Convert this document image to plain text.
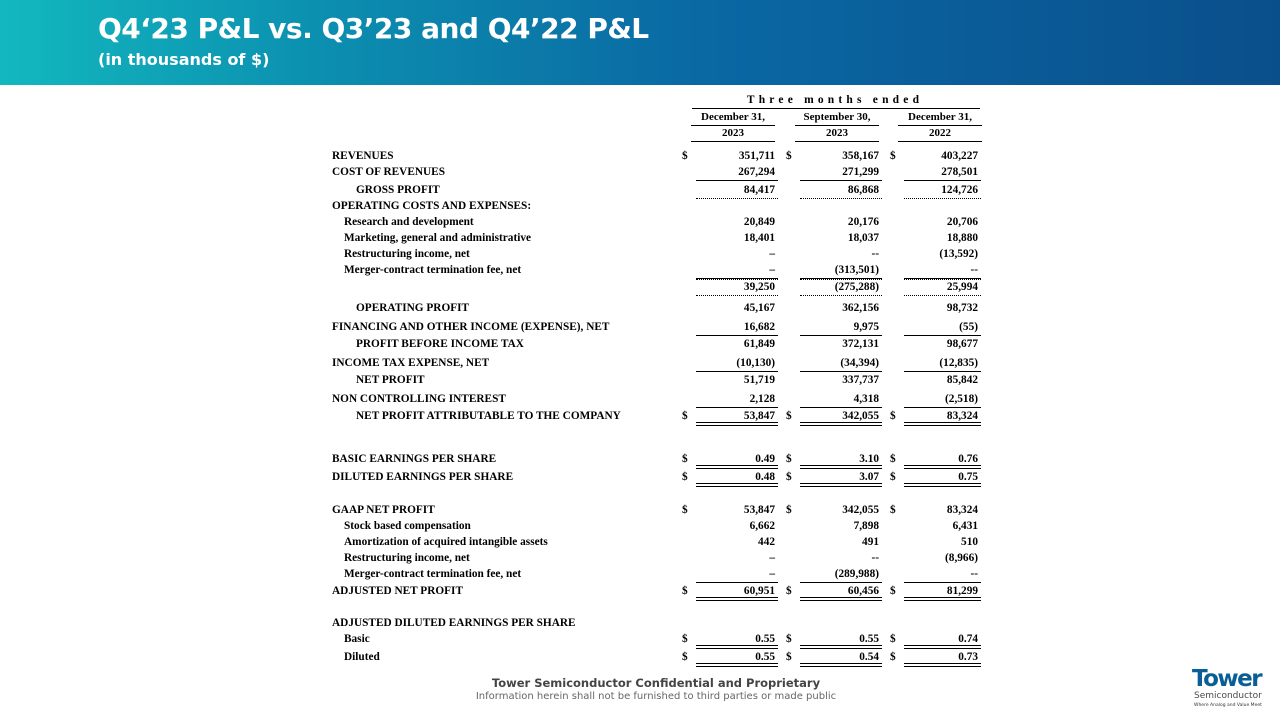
Q4‘23 P&L vs. Q3’23 and Q4’22 P&L
(in thousands of $)
Three months ended
December 31,
2023
September 30,
2023
December 31,
2022
REVENUES	$	351,711 $	358,167 $	403,227
COST OF REVENUES	267,294	271,299	278,501
GROSS PROFIT	84,417	86,868	124,726
OPERATING COSTS AND EXPENSES:
Research and development	20,849	20,176	20,706
Marketing, general and administrative	18,401	18,037	18,880
Restructuring income, net	–	--	(13,592)
Merger-contract termination fee, net	–	(313,501)	--
39,250	(275,288)	25,994
OPERATING PROFIT	45,167	362,156	98,732
FINANCING AND OTHER INCOME (EXPENSE), NET	16,682	9,975	(55)
PROFIT BEFORE INCOME TAX	61,849	372,131	98,677
INCOME TAX EXPENSE, NET	(10,130)	(34,394)	(12,835)
NET PROFIT	51,719	337,737	85,842
NON CONTROLLING INTEREST	2,128	4,318	(2,518)
NET PROFIT ATTRIBUTABLE TO THE COMPANY	$	53,847 $	342,055 $	83,324
BASIC EARNINGS PER SHARE	$	0.49 $	3.10 $	0.76
DILUTED EARNINGS PER SHARE	$	0.48 $	3.07 $	0.75
GAAP NET PROFIT	$	53,847 $	342,055 $	83,324
Stock based compensation	6,662	7,898	6,431
Amortization of acquired intangible assets	442	491	510
Restructuring income, net	–	--	(8,966)
Merger-contract termination fee, net	–	(289,988)	--
ADJUSTED NET PROFIT	$	60,951 $	60,456 $	81,299
ADJUSTED DILUTED EARNINGS PER SHARE
Basic	$	0.55 $	0.55 $	0.74
Diluted	$	0.55 $	0.54 $	0.73
Tower Semiconductor Confidential and Proprietary
Information herein shall not be furnished to third parties or made public
Tower
Semiconductor
Where Analog and Value Meet
